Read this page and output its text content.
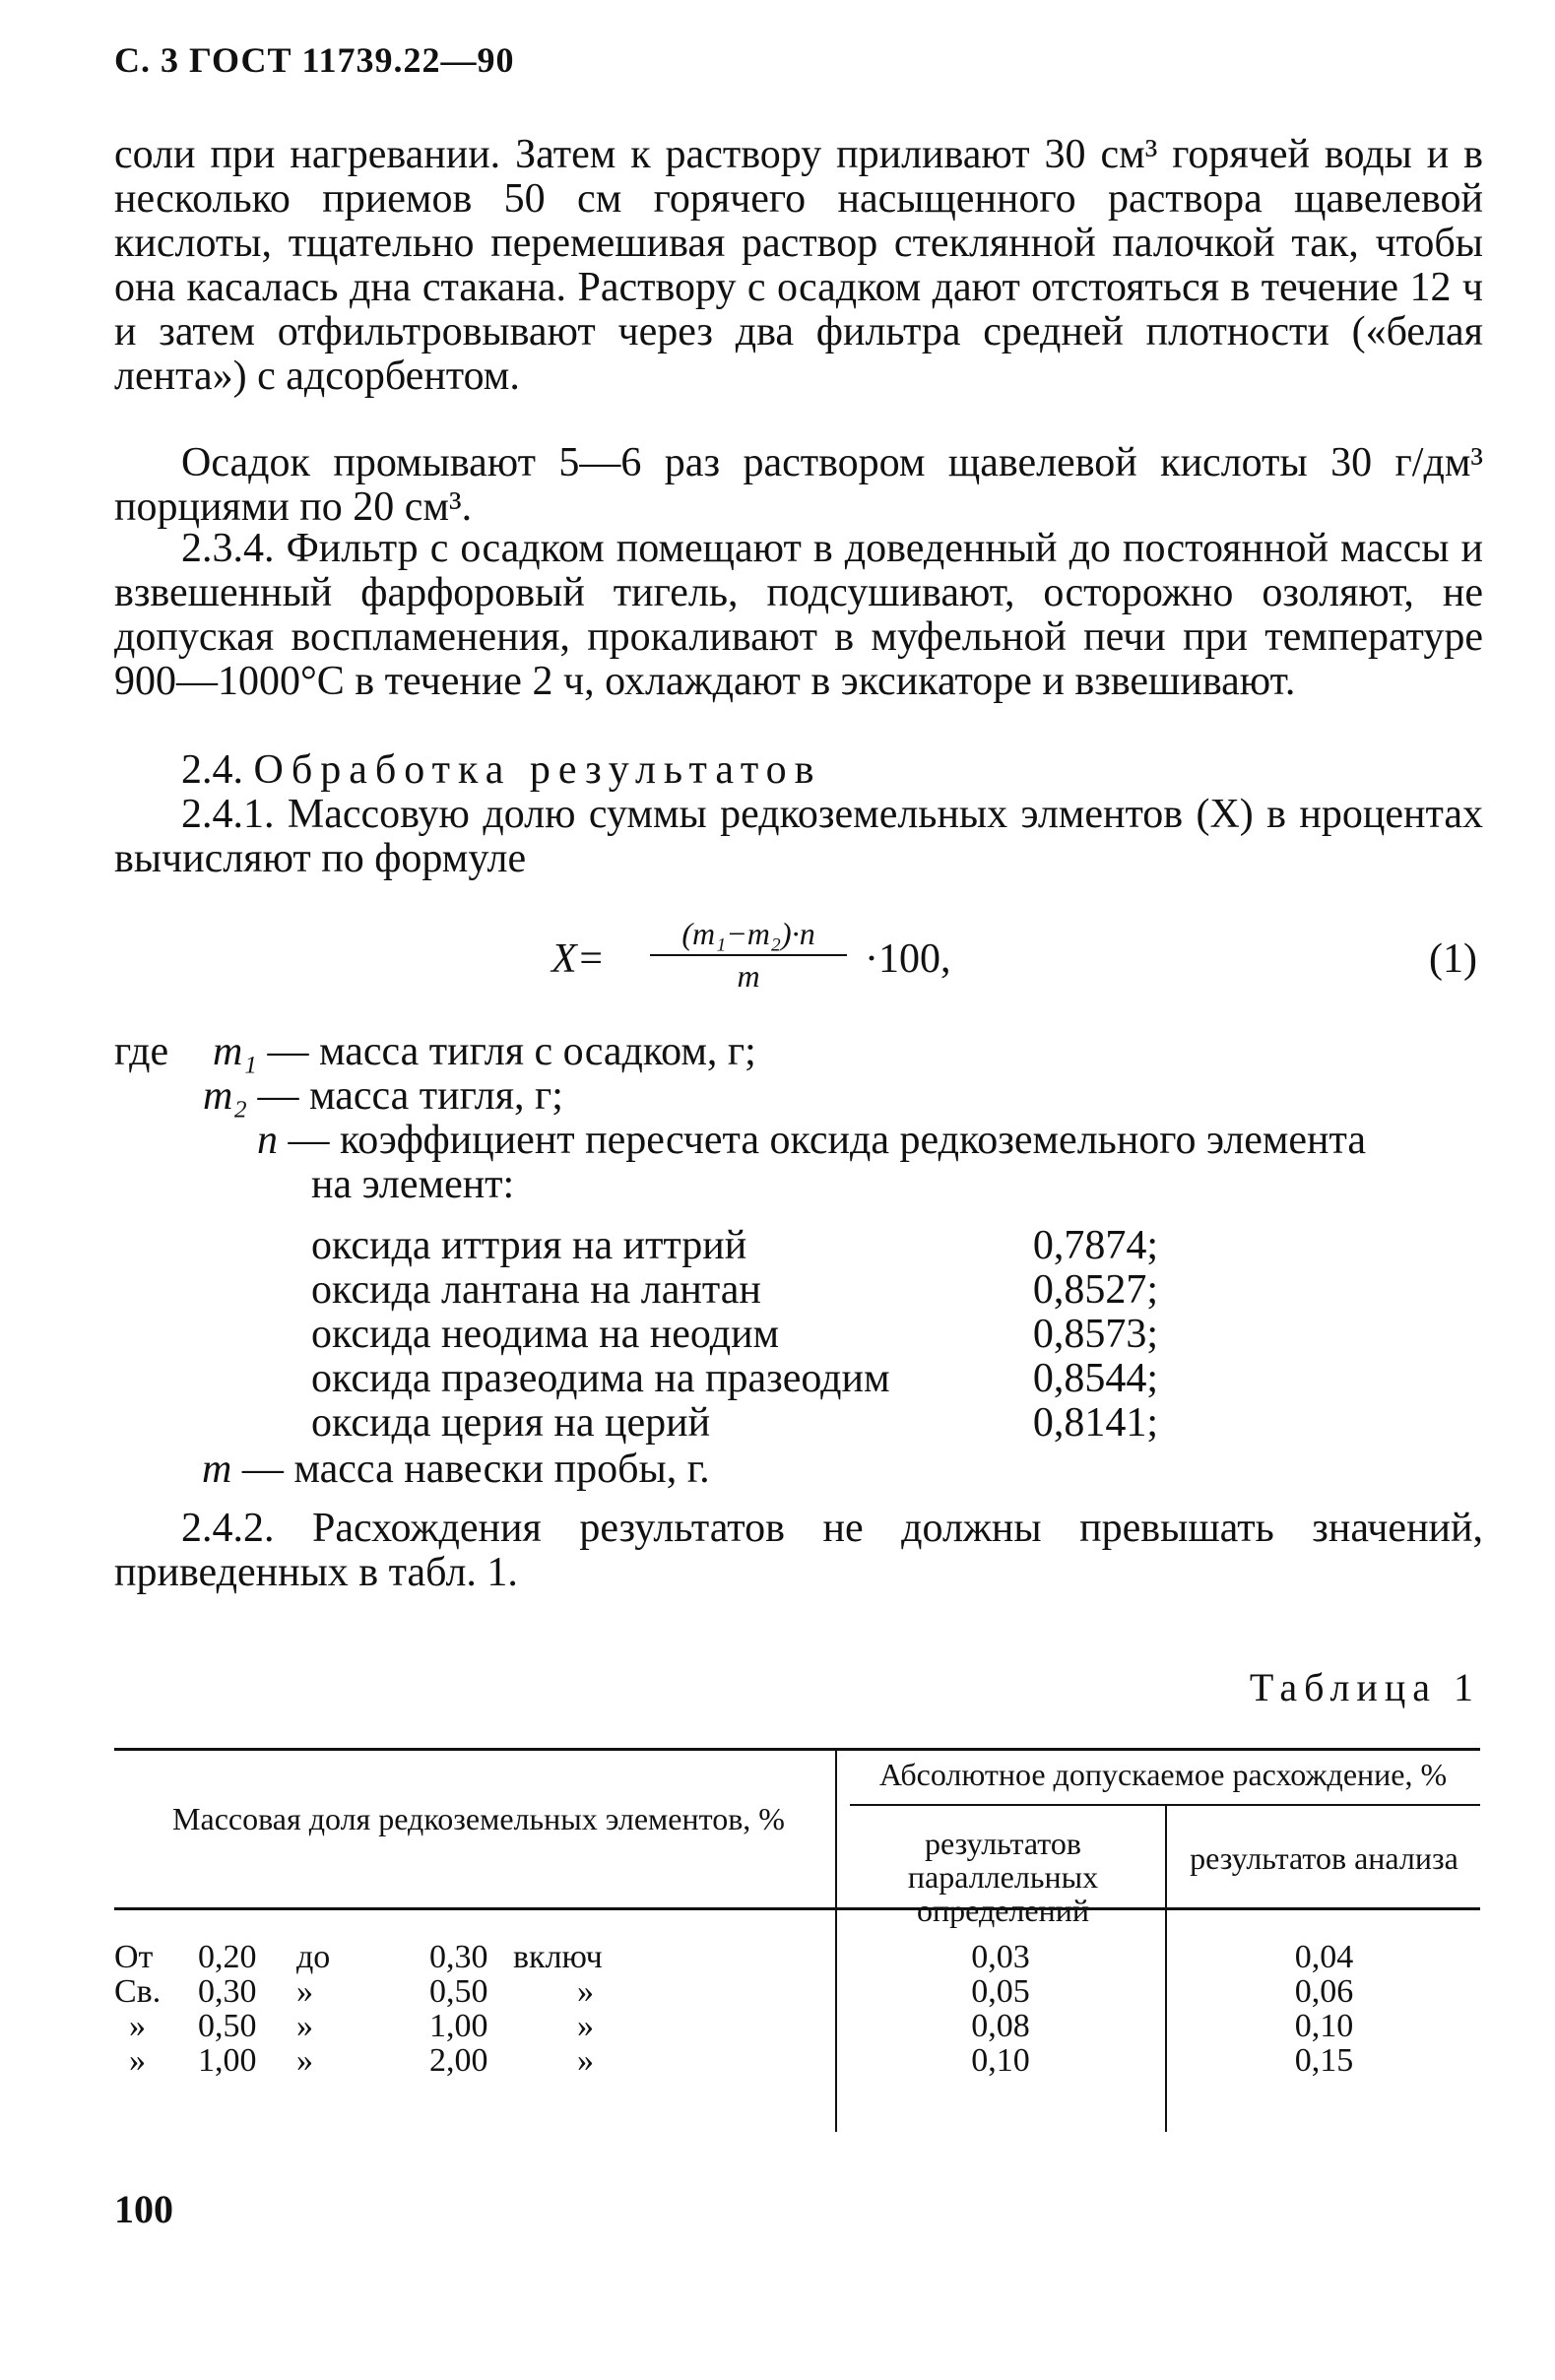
С. 3 ГОСТ 11739.22—90
соли при нагревании. Затем к раствору приливают 30 см³ горячей воды и в несколько приемов 50 см горячего насыщенного раствора щавелевой кислоты, тщательно перемешивая раствор стеклянной палочкой так, чтобы она касалась дна стакана. Раствору с осадком дают отстояться в течение 12 ч и затем отфильтровывают через два фильтра средней плотности («белая лента») с адсорбентом.
Осадок промывают 5—6 раз раствором щавелевой кислоты 30 г/дм³ порциями по 20 см³.
2.3.4. Фильтр с осадком помещают в доведенный до постоянной массы и взвешенный фарфоровый тигель, подсушивают, осторожно озоляют, не допуская воспламенения, прокаливают в муфельной печи при температуре 900—1000°С в течение 2 ч, охлаждают в эксикаторе и взвешивают.
2.4. Обработка результатов
2.4.1. Массовую долю суммы редкоземельных элментов (X) в нроцентах вычисляют по формуле
$X= \frac{\text{(m₁−m₂)·n}}{m} \cdot 100$,	(1)
где m₁ — масса тигля с осадком, г;
m₂ — масса тигля, г;
n — коэффициент пересчета оксида редкоземельного элемента
на элемент:
оксида иттрия на иттрий	0,7874;
оксида лантана на лантан	0,8527;
оксида неодима на неодим	0,8573;
оксида празеодима на празеодим	0,8544;
оксида церия на церий	0,8141;
m — масса навески пробы, г.
2.4.2. Расхождения результатов не должны превышать значений, приведенных в табл. 1.
Таблица 1
Массовая доля редкоземельных элементов, %
Абсолютное допускаемое расхождение, %
результатов параллельных определений
результатов анализа
От 0,20 до	0,30 включ	0,03	0,04
Св. 0,30 »	0,50	»	0,05	0,06
» 0,50 »	1,00	»	0,08	0,10
» 1,00 »	2,00	»	0,10	0,15
100
